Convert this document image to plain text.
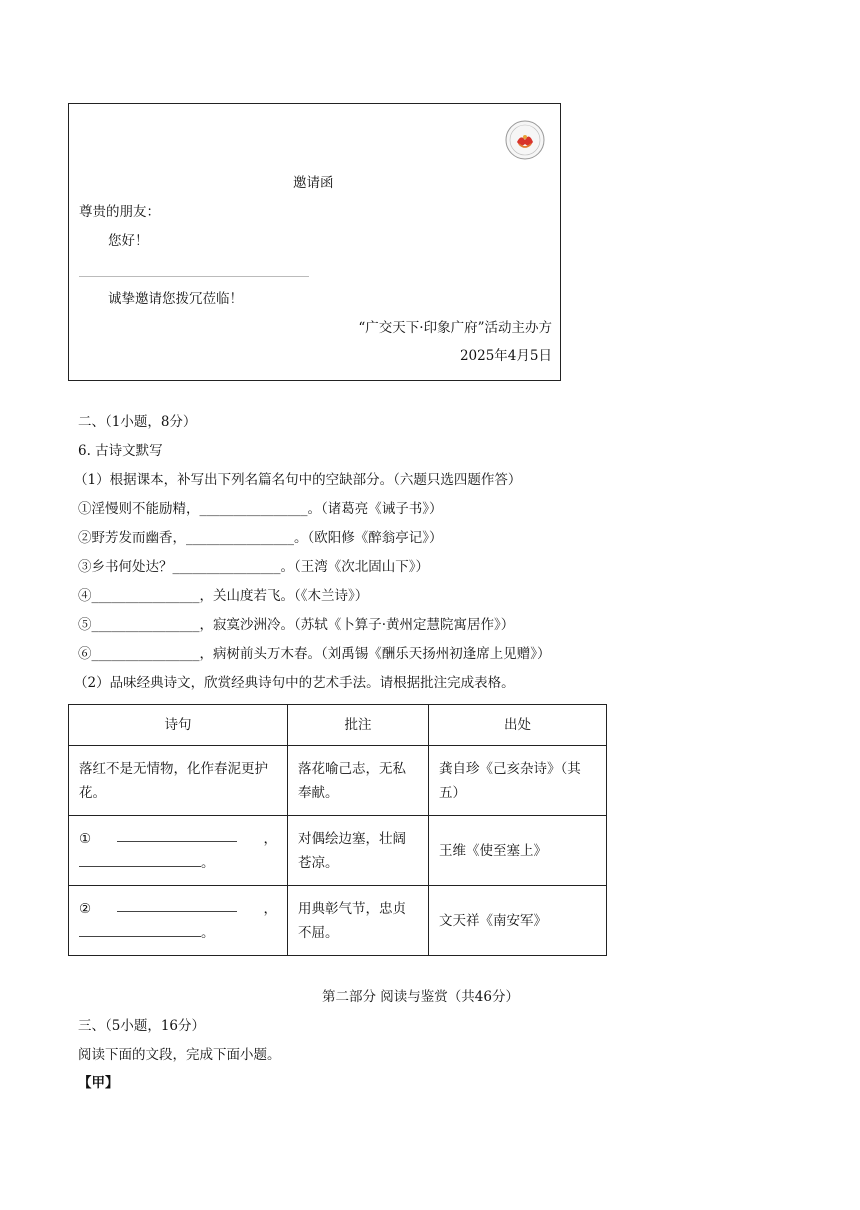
邀请函
尊贵的朋友：
您好！
诚挚邀请您拨冗莅临！
“广交天下·印象广府”活动主办方
2025年4月5日
二、（1小题，8分）
6. 古诗文默写
（1）根据课本，补写出下列名篇名句中的空缺部分。（六题只选四题作答）
①淫慢则不能励精，________________。（诸葛亮《诫子书》）
②野芳发而幽香，________________。（欧阳修《醉翁亭记》）
③乡书何处达？________________。（王湾《次北固山下》）
④________________，关山度若飞。（《木兰诗》）
⑤________________，寂寞沙洲冷。（苏轼《卜算子·黄州定慧院寓居作》）
⑥________________，病树前头万木春。（刘禹锡《酬乐天扬州初逢席上见赠》）
（2）品味经典诗文，欣赏经典诗句中的艺术手法。请根据批注完成表格。
诗句	批注	出处
落红不是无情物，化作春泥更护花。	落花喻己志，无私奉献。	龚自珍《己亥杂诗》（其五）

① ，
。	对偶绘边塞，壮阔苍凉。	王维《使至塞上》

② ，
。	用典彰气节，忠贞不屈。	文天祥《南安军》
第二部分 阅读与鉴赏（共46分）
三、（5小题，16分）
阅读下面的文段，完成下面小题。
【甲】
